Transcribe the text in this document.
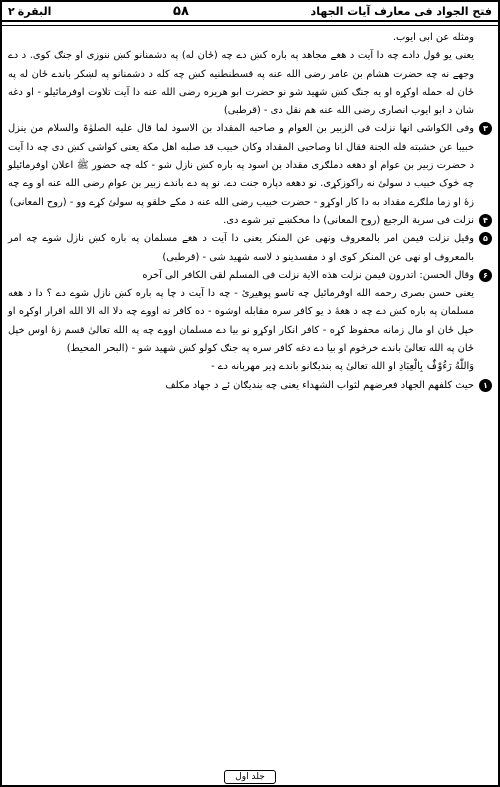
فتح الجواد فی معارف آیات الجهاد
۵۸
البقرة
۲

ومثله عن ابی ایوب.

یعنی یو قول دادے چه دا آیت د هغے مجاهد په باره کښ دے چه (ځان له) په دشمنانو کښ ننوزی او جنګ کوی. د دے وجهے نه چه حضرت هشام بن عامر رضی الله عنه په قسطنطنیه کښ چه کله د دشمنانو په لښکر باندے ځان له په ځان له حمله اوکړه او یه جنګ کښ شهید شو نو حضرت ابو هریره رضی الله عنه دا آیت تلاوت اوفرمائیلو - او دغه شان د ابو ایوب انصاری رضی الله عنه هم نقل دی - (قرطبی)

۳
وفی الکواشی انها نزلت فی الزبیر بن العوام و صاحبه المقداد بن الاسود لما قال علیه الصلوٰۃ والسلام من ینزل خبیبا عن خشبته فله الجنة فقال انا وصاحبی المقداد وکان خبیب قد صلبه اهل مکة یعنی کواشی کښ دی چه دا آیت د حضرت زبیر بن عوام او دهغه دملګری مقداد بن اسود په باره کښ نازل شو - کله چه حضور ﷺ اعلان اوفرمائیلو چه څوک خبیب د سولئ نه راکوزکړی. نو دهغه دپاره جنت دے. نو په دے باندے زبیر بن عوام رضی الله عنه او وے چه زۀ او زما ملګرے مقداد به دا کار اوکړو - حضرت خبیب رضی الله عنه د مکے خلقو په سولئ کړے وو - (روح المعانی)

۴
نزلت فی سریة الرجیع (روح المعانی) دا مخکښے تیر شوے دی.

۵
وقیل نزلت فیمن امر بالمعروف ونهی عن المنکر یعنی دا آیت د هغے مسلمان په باره کښ نازل شوے چه امر بالمعروف او نهی عن المنکر کوی او د مفسدینو د لاسه شهید شی - (قرطبی)

۶
وقال الحسن: اتدرون فیمن نزلت هذه الایة نزلت فی المسلم لقی الکافر الی آخره

یعنی حسن بصری رحمه الله اوفرمائیل چه تاسو پوهیږئ - چه دا آیت د چا په باره کښ نازل شوے دے ؟ دا د هغه مسلمان په باره کښ دے چه د هغۀ د یو کافر سره مقابله اوشوه - ده کافر ته اووے چه دلا اله الا الله اقرار اوکړه او خپل ځان او مال زمانه محفوظ کړه - کافر انکار اوکړو نو بیا دے مسلمان اووے چه په الله تعالیٰ قسم زۀ اوس خپل ځان په الله تعالیٰ باندے خرڅوم او بیا دے دغه کافر سره په جنګ کولو کښ شهید شو - (البحر المحیط)

وَاللّٰهُ رَءُوْفٌۢ بِالْعِبَادِ او الله تعالیٰ په بندیګانو باندے ډیر مهربانه دے -

۱
حیث کلفهم الجهاد فعرضهم لثواب الشهداء یعنی چه بندیګان ئے د جهاد مکلف

جلد اول
